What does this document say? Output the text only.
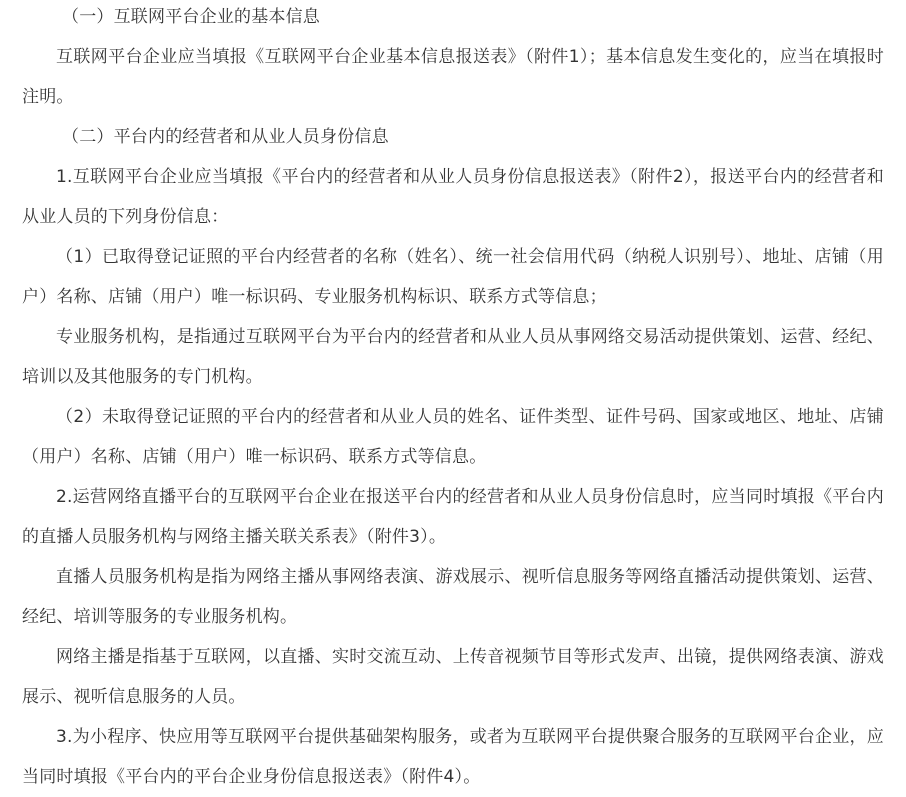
（一）互联网平台企业的基本信息

互联网平台企业应当填报《互联网平台企业基本信息报送表》（附件1）；基本信息发生变化的，应当在填报时注明。

（二）平台内的经营者和从业人员身份信息

1.互联网平台企业应当填报《平台内的经营者和从业人员身份信息报送表》（附件2），报送平台内的经营者和从业人员的下列身份信息：

（1）已取得登记证照的平台内经营者的名称（姓名）、统一社会信用代码（纳税人识别号）、地址、店铺（用户）名称、店铺（用户）唯一标识码、专业服务机构标识、联系方式等信息；

专业服务机构，是指通过互联网平台为平台内的经营者和从业人员从事网络交易活动提供策划、运营、经纪、培训以及其他服务的专门机构。

（2）未取得登记证照的平台内的经营者和从业人员的姓名、证件类型、证件号码、国家或地区、地址、店铺（用户）名称、店铺（用户）唯一标识码、联系方式等信息。

2.运营网络直播平台的互联网平台企业在报送平台内的经营者和从业人员身份信息时，应当同时填报《平台内的直播人员服务机构与网络主播关联关系表》（附件3）。

直播人员服务机构是指为网络主播从事网络表演、游戏展示、视听信息服务等网络直播活动提供策划、运营、经纪、培训等服务的专业服务机构。

网络主播是指基于互联网，以直播、实时交流互动、上传音视频节目等形式发声、出镜，提供网络表演、游戏展示、视听信息服务的人员。

3.为小程序、快应用等互联网平台提供基础架构服务，或者为互联网平台提供聚合服务的互联网平台企业，应当同时填报《平台内的平台企业身份信息报送表》（附件4）。
